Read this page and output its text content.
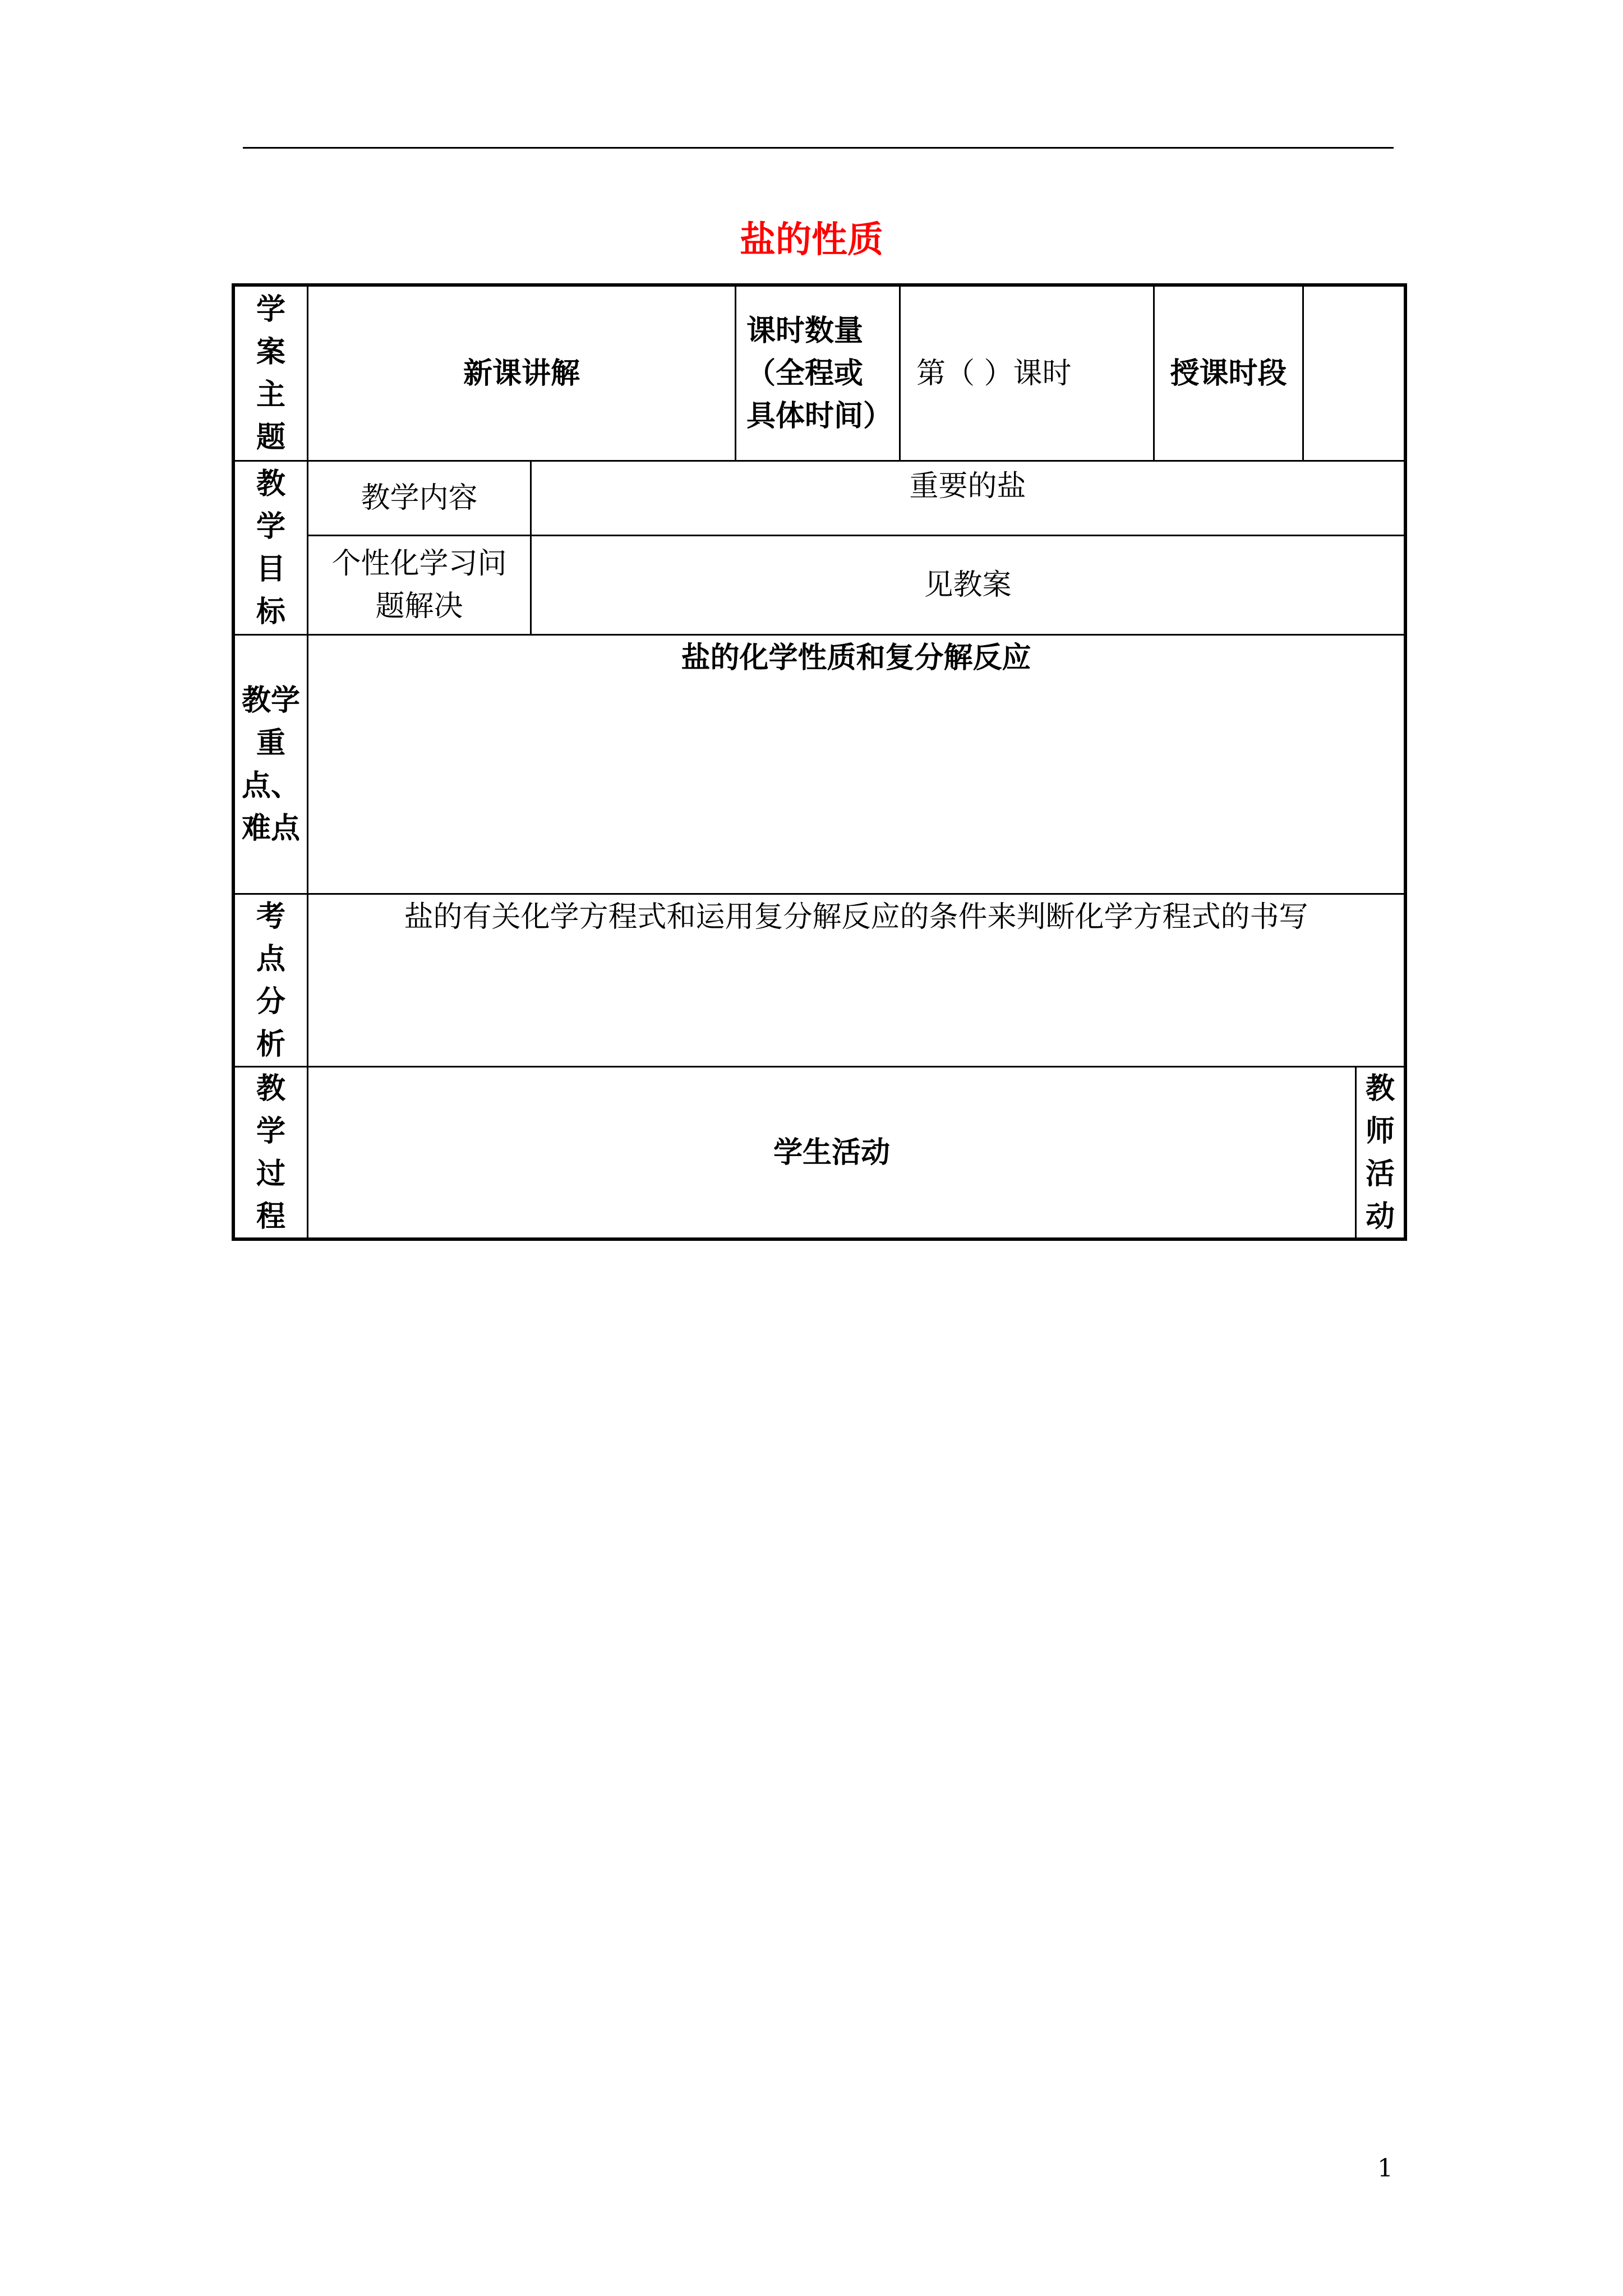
盐的性质
学案主题
新课讲解
课时数量（全程或具体时间）
第（ ）课时	授课时段
教学目标
教学内容	重要的盐
个性化学习问题解决
见教案
教学重点、难点
盐的化学性质和复分解反应
考点分析
盐的有关化学方程式和运用复分解反应的条件来判断化学方程式的书写
教学过程
学生活动
教师活动
1
